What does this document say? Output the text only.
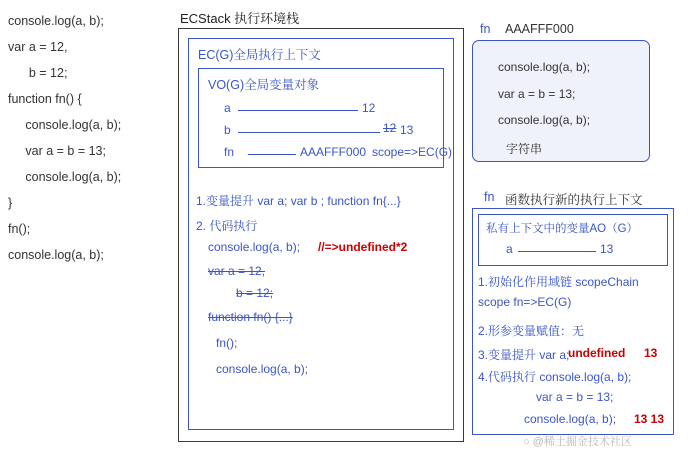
console.log(a, b);
var a = 12,
b = 12;
function fn() {
console.log(a, b);
var a = b = 13;
console.log(a, b);
}
fn();
console.log(a, b);
ECStack 执行环境栈
EC(G)全局执行上下文
VO(G)全局变量对象
a	12
b	12 13
fn	AAAFFF000 scope=>EC(G)
1.变量提升 var a; var b ; function fn{...}
2. 代码执行
console.log(a, b); //=>undefined*2
var a = 12,
b = 12;
function fn() {...}
fn();
console.log(a, b);
fn AAAFFF000
console.log(a, b);
var a = b = 13;
console.log(a, b);
字符串
fn 函数执行新的执行上下文
私有上下文中的变量AO（G）
a	13
1.初始化作用域链 scopeChain
scope fn=>EC(G)
2.形参变量赋值：无
3.变量提升 var a;
undefined 13
4.代码执行 console.log(a, b);
var a = b = 13;
console.log(a, b); 13 13
○ @稀土掘金技术社区
